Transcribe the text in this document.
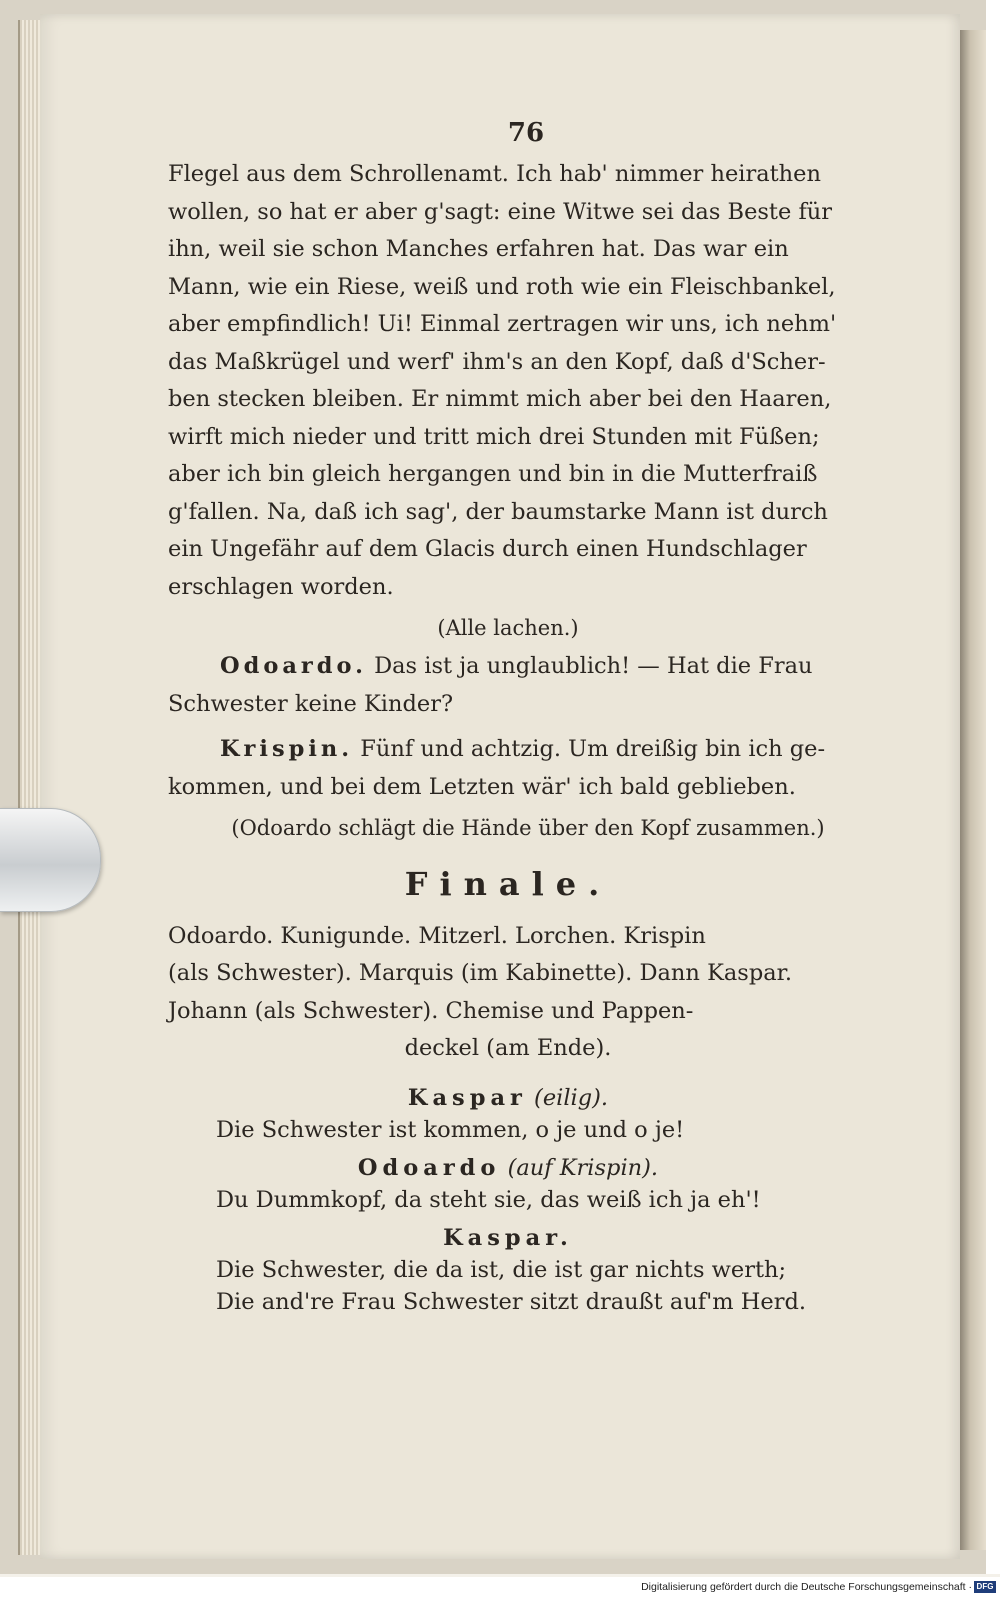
76

Flegel aus dem Schrollenamt. Ich hab' nimmer heirathen

wollen, so hat er aber g'sagt: eine Witwe sei das Beste für

ihn, weil sie schon Manches erfahren hat. Das war ein

Mann, wie ein Riese, weiß und roth wie ein Fleischbankel,

aber empfindlich! Ui! Einmal zertragen wir uns, ich nehm'

das Maßkrügel und werf' ihm's an den Kopf, daß d'Scher-

ben stecken bleiben. Er nimmt mich aber bei den Haaren,

wirft mich nieder und tritt mich drei Stunden mit Füßen;

aber ich bin gleich hergangen und bin in die Mutterfraiß

g'fallen. Na, daß ich sag', der baumstarke Mann ist durch

ein Ungefähr auf dem Glacis durch einen Hundschlager

erschlagen worden.

(Alle lachen.)

Odoardo. Das ist ja unglaublich! — Hat die Frau

Schwester keine Kinder?

Krispin. Fünf und achtzig. Um dreißig bin ich ge-

kommen, und bei dem Letzten wär' ich bald geblieben.

(Odoardo schlägt die Hände über den Kopf zusammen.)
Finale.

Odoardo. Kunigunde. Mitzerl. Lorchen. Krispin

(als Schwester). Marquis (im Kabinette). Dann Kaspar.

Johann (als Schwester). Chemise und Pappen-

deckel (am Ende).

Kaspar (eilig).

Die Schwester ist kommen, o je und o je!

Odoardo (auf Krispin).

Du Dummkopf, da steht sie, das weiß ich ja eh'!

Kaspar.

Die Schwester, die da ist, die ist gar nichts werth;

Die and're Frau Schwester sitzt draußt auf'm Herd.

Digitalisierung gefördert durch die Deutsche Forschungsgemeinschaft · DFG
